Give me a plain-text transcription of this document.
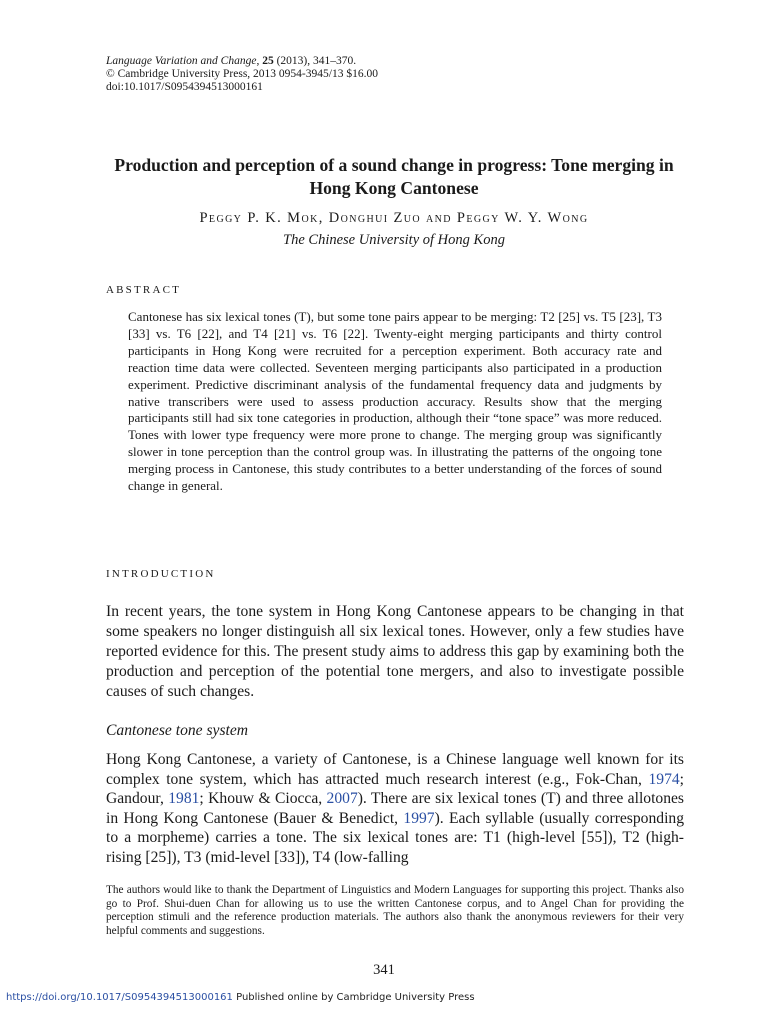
Language Variation and Change, 25 (2013), 341–370.
© Cambridge University Press, 2013 0954-3945/13 $16.00
doi:10.1017/S0954394513000161
Production and perception of a sound change in progress: Tone merging in Hong Kong Cantonese
Peggy P. K. Mok, Donghui Zuo and Peggy W. Y. Wong
The Chinese University of Hong Kong
ABSTRACT

Cantonese has six lexical tones (T), but some tone pairs appear to be merging: T2 [25] vs. T5 [23], T3 [33] vs. T6 [22], and T4 [21] vs. T6 [22]. Twenty-eight merging participants and thirty control participants in Hong Kong were recruited for a perception experiment. Both accuracy rate and reaction time data were collected. Seventeen merging participants also participated in a production experiment. Predictive discriminant analysis of the fundamental frequency data and judgments by native transcribers were used to assess production accuracy. Results show that the merging participants still had six tone categories in production, although their “tone space” was more reduced. Tones with lower type frequency were more prone to change. The merging group was significantly slower in tone perception than the control group was. In illustrating the patterns of the ongoing tone merging process in Cantonese, this study contributes to a better understanding of the forces of sound change in general.

INTRODUCTION

In recent years, the tone system in Hong Kong Cantonese appears to be changing in that some speakers no longer distinguish all six lexical tones. However, only a few studies have reported evidence for this. The present study aims to address this gap by examining both the production and perception of the potential tone mergers, and also to investigate possible causes of such changes.

Cantonese tone system

Hong Kong Cantonese, a variety of Cantonese, is a Chinese language well known for its complex tone system, which has attracted much research interest (e.g., Fok-Chan, 1974; Gandour, 1981; Khouw & Ciocca, 2007). There are six lexical tones (T) and three allotones in Hong Kong Cantonese (Bauer & Benedict, 1997). Each syllable (usually corresponding to a morpheme) carries a tone. The six lexical tones are: T1 (high-level [55]), T2 (high-rising [25]), T3 (mid-level [33]), T4 (low-falling

The authors would like to thank the Department of Linguistics and Modern Languages for supporting this project. Thanks also go to Prof. Shui-duen Chan for allowing us to use the written Cantonese corpus, and to Angel Chan for providing the perception stimuli and the reference production materials. The authors also thank the anonymous reviewers for their very helpful comments and suggestions.

341
https://doi.org/10.1017/S0954394513000161 Published online by Cambridge University Press
